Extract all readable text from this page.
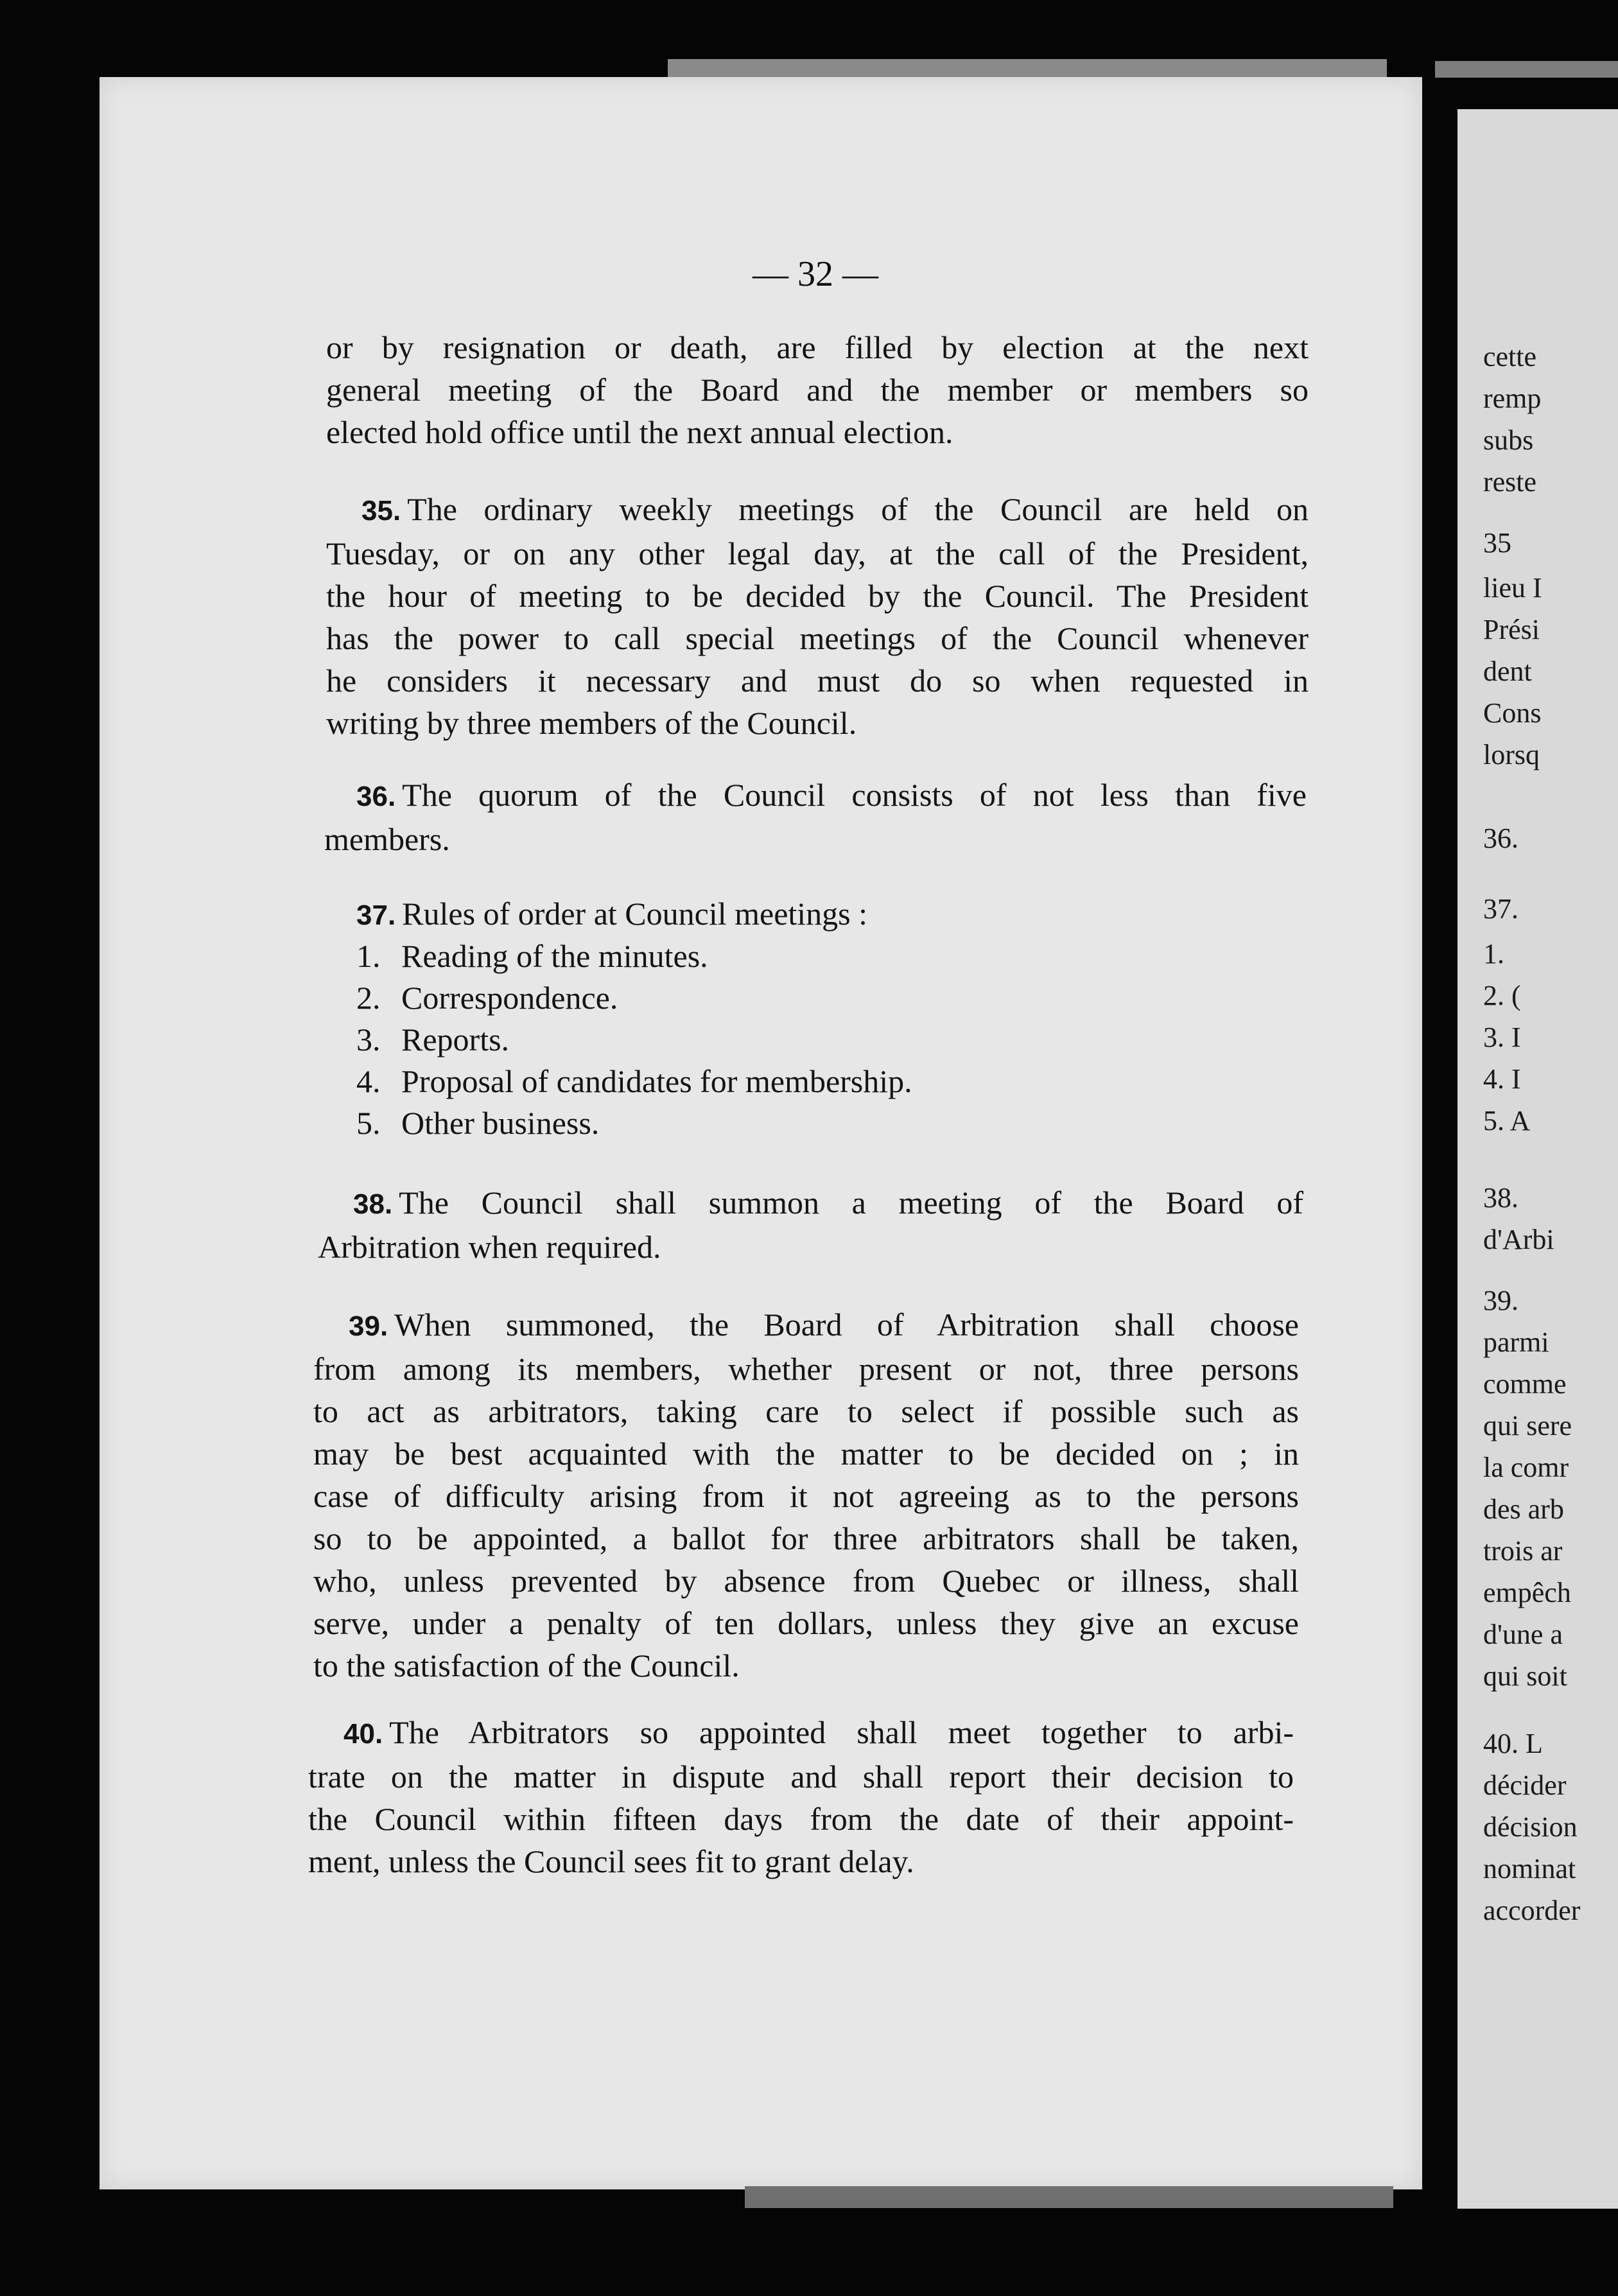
cette
remp
subs
reste
35
lieu I
Prési
dent
Cons
lorsq
36.
37.
1.
2. (
3. I
4. I
5. A
38.
d'Arbi
39.
parmi
comme
qui sere
la comr
des arb
trois ar
empêch
d'une a
qui soit
40. L
décider
décision
nominat
accorder
— 32 —
or by resignation or death, are filled by election at the next
general meeting of the Board and the member or members so
elected hold office until the next annual election.
35. The ordinary weekly meetings of the Council are held on
Tuesday, or on any other legal day, at the call of the President,
the hour of meeting to be decided by the Council. The President
has the power to call special meetings of the Council whenever
he considers it necessary and must do so when requested in
writing by three members of the Council.
36. The quorum of the Council consists of not less than five
members.
37. Rules of order at Council meetings :
1. Reading of the minutes.
2. Correspondence.
3. Reports.
4. Proposal of candidates for membership.
5. Other business.
38. The Council shall summon a meeting of the Board of
Arbitration when required.
39. When summoned, the Board of Arbitration shall choose
from among its members, whether present or not, three persons
to act as arbitrators, taking care to select if possible such as
may be best acquainted with the matter to be decided on ; in
case of difficulty arising from it not agreeing as to the persons
so to be appointed, a ballot for three arbitrators shall be taken,
who, unless prevented by absence from Quebec or illness, shall
serve, under a penalty of ten dollars, unless they give an excuse
to the satisfaction of the Council.
40. The Arbitrators so appointed shall meet together to arbi-
trate on the matter in dispute and shall report their decision to
the Council within fifteen days from the date of their appoint-
ment, unless the Council sees fit to grant delay.
